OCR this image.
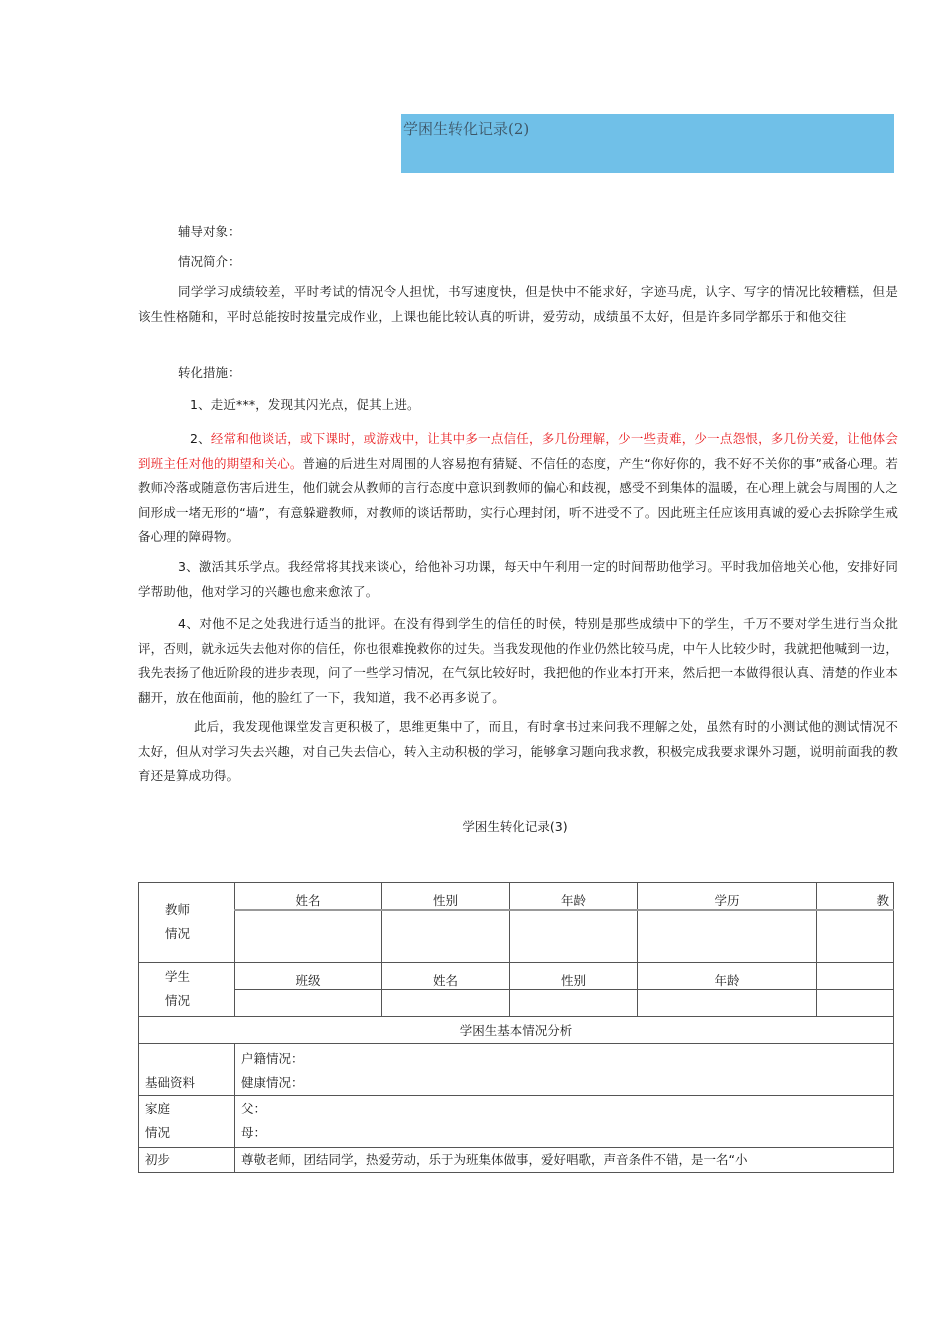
学困生转化记录(2)
辅导对象：
情况简介：
同学学习成绩较差，平时考试的情况令人担忧，书写速度快，但是快中不能求好，字迹马虎，认字、写字的情况比较糟糕，但是该生性格随和，平时总能按时按量完成作业，上课也能比较认真的听讲，爱劳动，成绩虽不太好，但是许多同学都乐于和他交往
转化措施：
1、走近***，发现其闪光点，促其上进。
2、经常和他谈话，或下课时，或游戏中，让其中多一点信任，多几份理解，少一些责难，少一点怨恨，多几份关爱，让他体会到班主任对他的期望和关心。普遍的后进生对周围的人容易抱有猜疑、不信任的态度，产生“你好你的，我不好不关你的事”戒备心理。若教师冷落或随意伤害后进生，他们就会从教师的言行态度中意识到教师的偏心和歧视，感受不到集体的温暖，在心理上就会与周围的人之间形成一堵无形的“墙”，有意躲避教师，对教师的谈话帮助，实行心理封闭，听不进受不了。因此班主任应该用真诚的爱心去拆除学生戒备心理的障碍物。
3、激活其乐学点。我经常将其找来谈心，给他补习功课，每天中午利用一定的时间帮助他学习。平时我加倍地关心他，安排好同学帮助他，他对学习的兴趣也愈来愈浓了。
4、对他不足之处我进行适当的批评。在没有得到学生的信任的时侯，特别是那些成绩中下的学生，千万不要对学生进行当众批评，否则，就永远失去他对你的信任，你也很难挽救你的过失。当我发现他的作业仍然比较马虎，中午人比较少时，我就把他喊到一边，我先表扬了他近阶段的进步表现，问了一些学习情况，在气氛比较好时，我把他的作业本打开来，然后把一本做得很认真、清楚的作业本翻开，放在他面前，他的脸红了一下，我知道，我不必再多说了。
此后，我发现他课堂发言更积极了，思维更集中了，而且，有时拿书过来问我不理解之处，虽然有时的小测试他的测试情况不太好，但从对学习失去兴趣，对自己失去信心，转入主动积极的学习，能够拿习题向我求教，积极完成我要求课外习题，说明前面我的教育还是算成功得。
学困生转化记录(3)
教师
情况	姓名	性别	年龄	学历	教

学生
情况	班级	姓名	性别	年龄	

学困生基本情况分析					
基础资料	户籍情况：
健康情况：				
家庭
情况	父：
母：				
初步	尊敬老师，团结同学，热爱劳动，乐于为班集体做事，爱好唱歌，声音条件不错，是一名“小				
